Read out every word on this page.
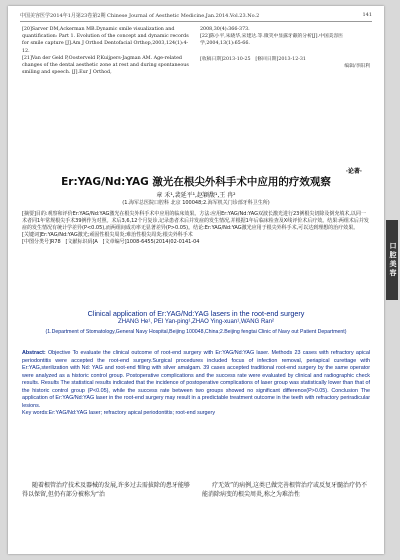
中国美容医学2014年1月第23卷第2期 Chinese Journal of Aesthetic Medicine.Jan.2014.Vol.23.No.2	141

[20]Sarver DM,Ackerman MB.Dynamic smile visualization and quantification: Part 1. Evolution of the concept and dynamic records for smile capture [J].Am J Orthod Dentofacial Orthop,2003,124(1):4-12.

[21]Van der Geld P,Oosterveld P,Kuijpers-Jagman AM. Age-related changes of the dental aesthetic zone at rest and during spontaneous smiling and speech. [J].Eur J Orthod,

2008,30(4):366-373.

[22]陈小平,朱晓华,宋建达.等.微笑中显露牙龈的分析[J].中国美容医学,2004,13(1):65-66.

[收稿日期]2013-10-25　[修回日期]2013-12-31

编辑/李阳利

·论著·
Er:YAG/Nd:YAG 激光在根尖外科手术中应用的疗效观察
章 禾¹,裴延平¹,赵颖馥¹,王 冉²
(1.海军总医院口腔科 北京 100048;2.海军机关门诊部牙科卫生所)

[摘要]目的:观察和评价Er:YAG/Nd:YAG激光在根尖外科手术中应用的临床效果。方法:应用Er:YAG/Nd:YAG双波长激光进行23例根尖切除及倒充填术,以同一术者同1年常规根尖手术39例作为对照。术后3,6,12个月复诊,记录患者术后并发症的发生情况,并根据1年后临床检查及X线评价术后疗效。结果:两组术后并发症的发生情况有统计学差异(P<0.05),而两组间成功率无显著差异(P>0.05)。结论:Er:YAG/Nd:YAG激光应用于根尖外科手术,可以达到理想的治疗效果。

[关键词]Er:YAG/Nd:YAG激光;顽固性根尖周炎;难治性根尖周炎;根尖外科手术

[中图分类号]R78 [文献标识码]A [文章编号]1008-6455(2014)02-0141-04

Clinical application of Er:YAG/Nd:YAG lasers in the root-end surgery
ZHANG He¹, PEI Yan-ping¹,ZHAO Ying-xuan¹,WANG Ran²
(1.Department of Stomatology,General Navy Hospital,Beijing 100048,China;2.Beijing fengtai Clinic of Navy out Patient Department)

Abstract: Objective To evaluate the clinical outcome of root-end surgery with Er:YAG/Nd:YAG laser. Methods 23 cases with refractory apical periodontitis were accepted the root-end surgery.Surgical procedures included focus of infection removal, periapical curettage with Er:YAG,sterilization with Nd: YAG and root-end filling with silver amalgam. 39 cases accepted traditional root-end surgery by the same operator were analyzed as a historic control group. Postoperative complications and the success rate were evaluated by clinical and radiographic check results. Results The statistical results indicated that the incidence of postoperative complications of laser group was statistically lower than that of the historic control group (P<0.05), while the success rate between two groups showed no significant difference(P>0.05). Conclusion The application of Er:YAG/Nd:YAG laser in the root-end surgery may result in a predictable treatment outcome in the teeth with refractory periradicular lesions.

Key words:Er:YAG/Nd:YAG laser; refractory apical periodontitis; root-end surgery

随着根管治疗技术及器械的发展,许多过去需拔除的患牙能够得以保留,但仍有部分被称为“治
疗无效”的病例,这类已做完善根管治疗或反复牙髓治疗仍不能消除病变的根尖周炎,称之为难治性
口腔美容
